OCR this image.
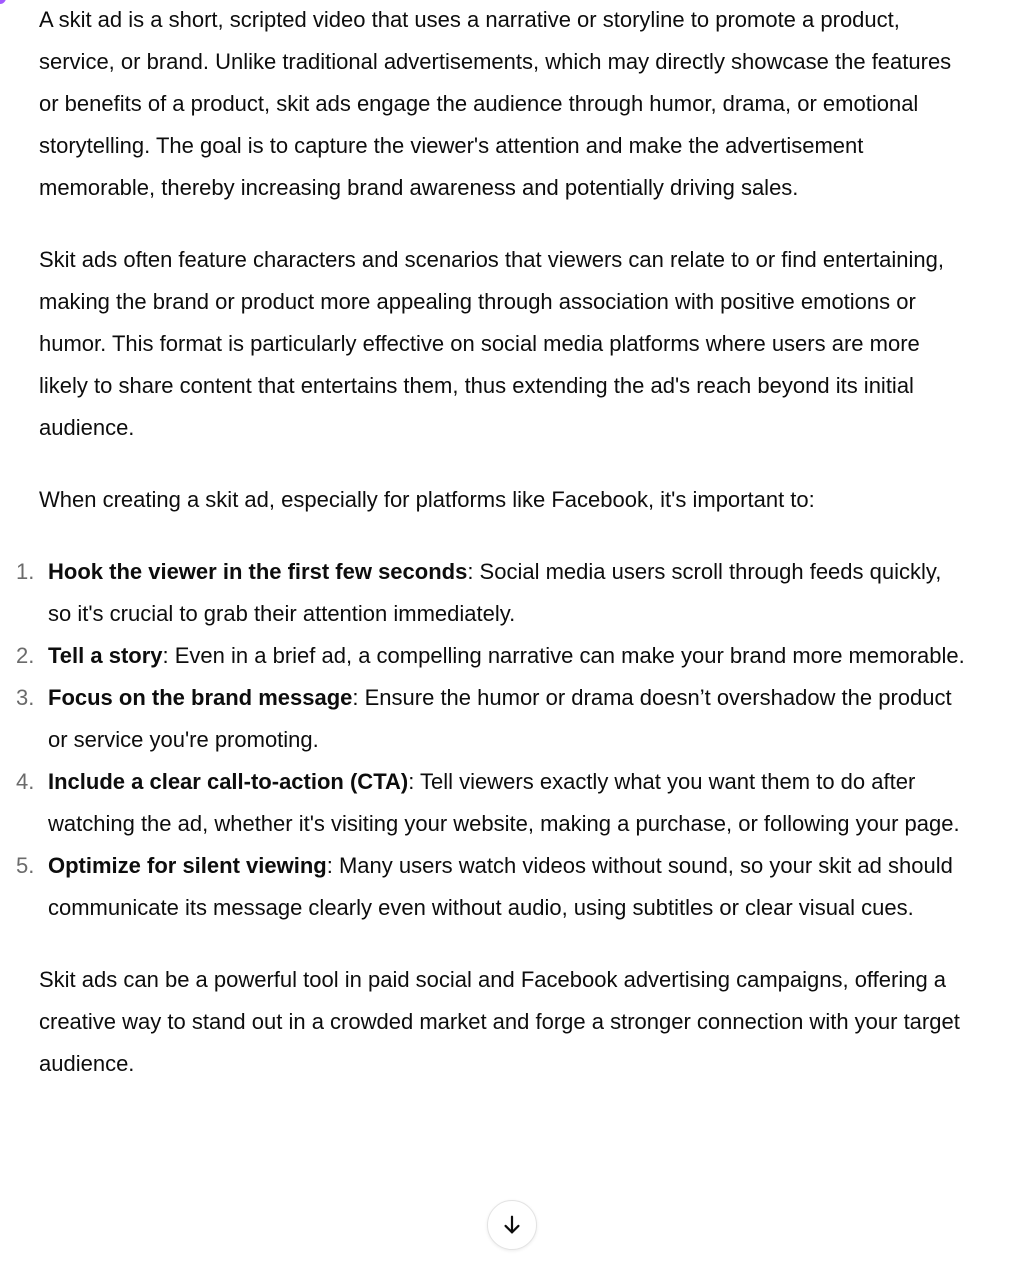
A skit ad is a short, scripted video that uses a narrative or storyline to promote a product, service, or brand. Unlike traditional advertisements, which may directly showcase the features or benefits of a product, skit ads engage the audience through humor, drama, or emotional storytelling. The goal is to capture the viewer's attention and make the advertisement memorable, thereby increasing brand awareness and potentially driving sales.

Skit ads often feature characters and scenarios that viewers can relate to or find entertaining, making the brand or product more appealing through association with positive emotions or humor. This format is particularly effective on social media platforms where users are more likely to share content that entertains them, thus extending the ad's reach beyond its initial audience.

When creating a skit ad, especially for platforms like Facebook, it's important to:

1. Hook the viewer in the first few seconds: Social media users scroll through feeds quickly, so it's crucial to grab their attention immediately.
2. Tell a story: Even in a brief ad, a compelling narrative can make your brand more memorable.
3. Focus on the brand message: Ensure the humor or drama doesn’t overshadow the product or service you're promoting.
4. Include a clear call-to-action (CTA): Tell viewers exactly what you want them to do after watching the ad, whether it's visiting your website, making a purchase, or following your page.
5. Optimize for silent viewing: Many users watch videos without sound, so your skit ad should communicate its message clearly even without audio, using subtitles or clear visual cues.

Skit ads can be a powerful tool in paid social and Facebook advertising campaigns, offering a creative way to stand out in a crowded market and forge a stronger connection with your target audience.
